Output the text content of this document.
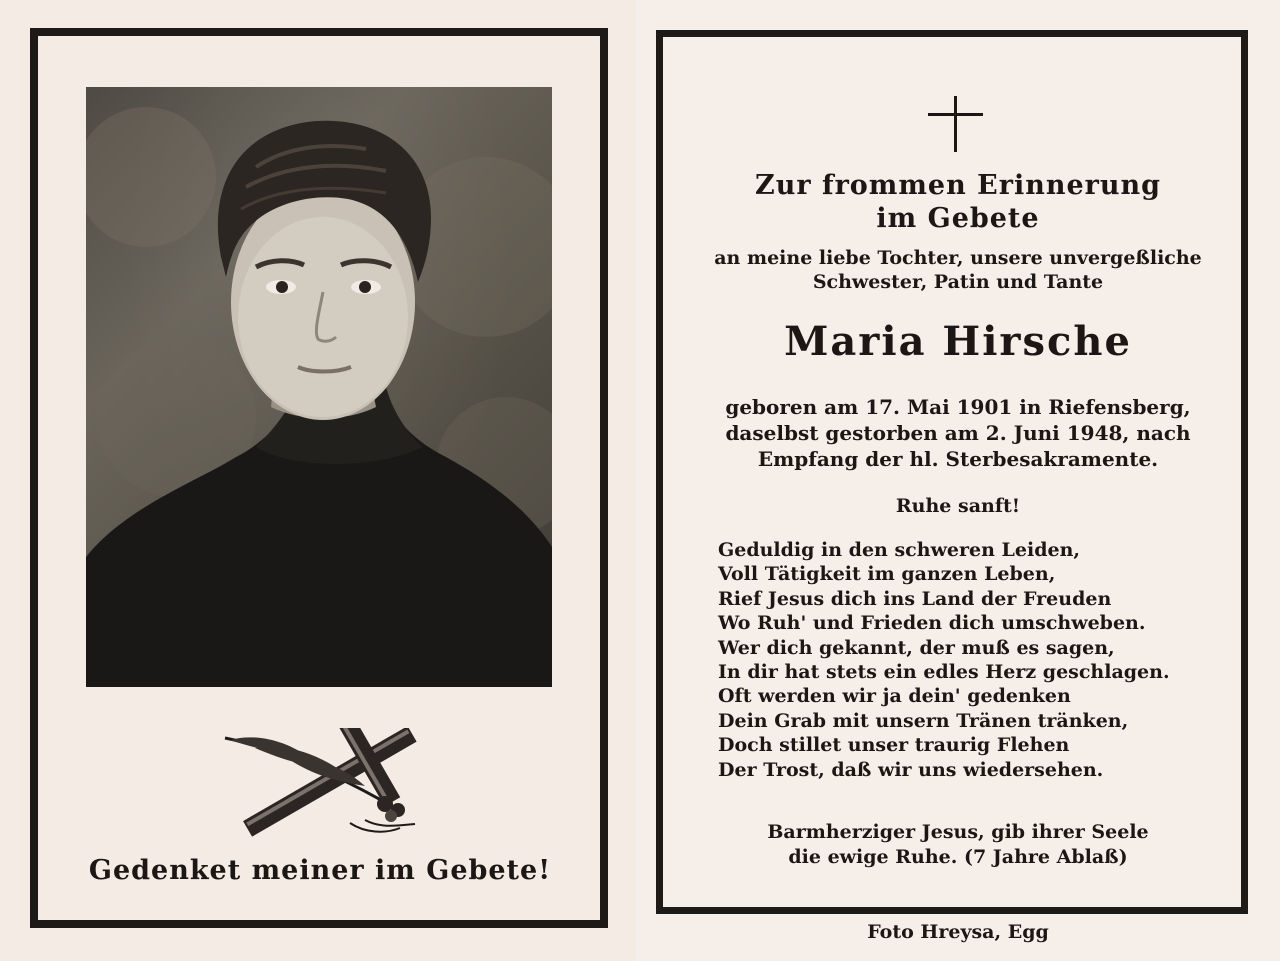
Gedenket meiner im Gebete!
Zur frommen Erinnerung
im Gebete
an meine liebe Tochter, unsere unvergeßliche
Schwester, Patin und Tante
Maria Hirsche
geboren am 17. Mai 1901 in Riefensberg,
daselbst gestorben am 2. Juni 1948, nach
Empfang der hl. Sterbesakramente.
Ruhe sanft!
Geduldig in den schweren Leiden,
Voll Tätigkeit im ganzen Leben,
Rief Jesus dich ins Land der Freuden
Wo Ruh' und Frieden dich umschweben.
Wer dich gekannt, der muß es sagen,
In dir hat stets ein edles Herz geschlagen.
Oft werden wir ja dein' gedenken
Dein Grab mit unsern Tränen tränken,
Doch stillet unser traurig Flehen
Der Trost, daß wir uns wiedersehen.
Barmherziger Jesus, gib ihrer Seele
die ewige Ruhe. (7 Jahre Ablaß)
Foto Hreysa, Egg
